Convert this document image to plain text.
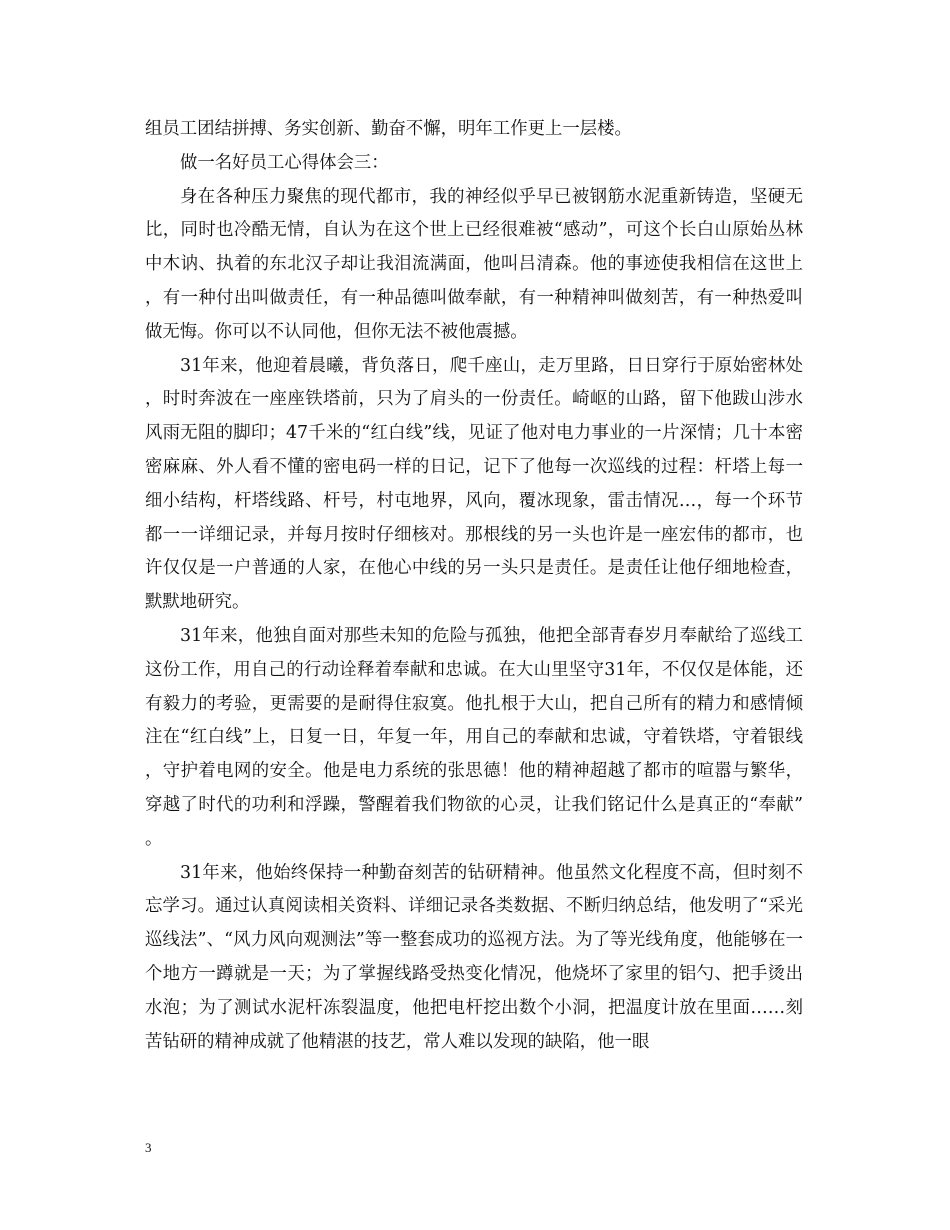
组员工团结拼搏、务实创新、勤奋不懈，明年工作更上一层楼。

做一名好员工心得体会三：

身在各种压力聚焦的现代都市，我的神经似乎早已被钢筋水泥重新铸造，坚硬无比，同时也冷酷无情，自认为在这个世上已经很难被“感动”，可这个长白山原始丛林中木讷、执着的东北汉子却让我泪流满面，他叫吕清森。他的事迹使我相信在这世上，有一种付出叫做责任，有一种品德叫做奉献，有一种精神叫做刻苦，有一种热爱叫做无悔。你可以不认同他，但你无法不被他震撼。

31年来，他迎着晨曦，背负落日，爬千座山，走万里路，日日穿行于原始密林处，时时奔波在一座座铁塔前，只为了肩头的一份责任。崎岖的山路，留下他跋山涉水风雨无阻的脚印；47千米的“红白线”线，见证了他对电力事业的一片深情；几十本密密麻麻、外人看不懂的密电码一样的日记，记下了他每一次巡线的过程：杆塔上每一细小结构，杆塔线路、杆号，村屯地界，风向，覆冰现象，雷击情况…，每一个环节都一一详细记录，并每月按时仔细核对。那根线的另一头也许是一座宏伟的都市，也许仅仅是一户普通的人家，在他心中线的另一头只是责任。是责任让他仔细地检查，默默地研究。

31年来，他独自面对那些未知的危险与孤独，他把全部青春岁月奉献给了巡线工这份工作，用自己的行动诠释着奉献和忠诚。在大山里坚守31年，不仅仅是体能，还有毅力的考验，更需要的是耐得住寂寞。他扎根于大山，把自己所有的精力和感情倾注在“红白线”上，日复一日，年复一年，用自己的奉献和忠诚，守着铁塔，守着银线，守护着电网的安全。他是电力系统的张思德！他的精神超越了都市的喧嚣与繁华，穿越了时代的功利和浮躁，警醒着我们物欲的心灵，让我们铭记什么是真正的“奉献”。

31年来，他始终保持一种勤奋刻苦的钻研精神。他虽然文化程度不高，但时刻不忘学习。通过认真阅读相关资料、详细记录各类数据、不断归纳总结，他发明了“采光巡线法”、“风力风向观测法”等一整套成功的巡视方法。为了等光线角度，他能够在一个地方一蹲就是一天；为了掌握线路受热变化情况，他烧坏了家里的铝勺、把手烫出水泡；为了测试水泥杆冻裂温度，他把电杆挖出数个小洞，把温度计放在里面……刻苦钻研的精神成就了他精湛的技艺，常人难以发现的缺陷，他一眼

3
